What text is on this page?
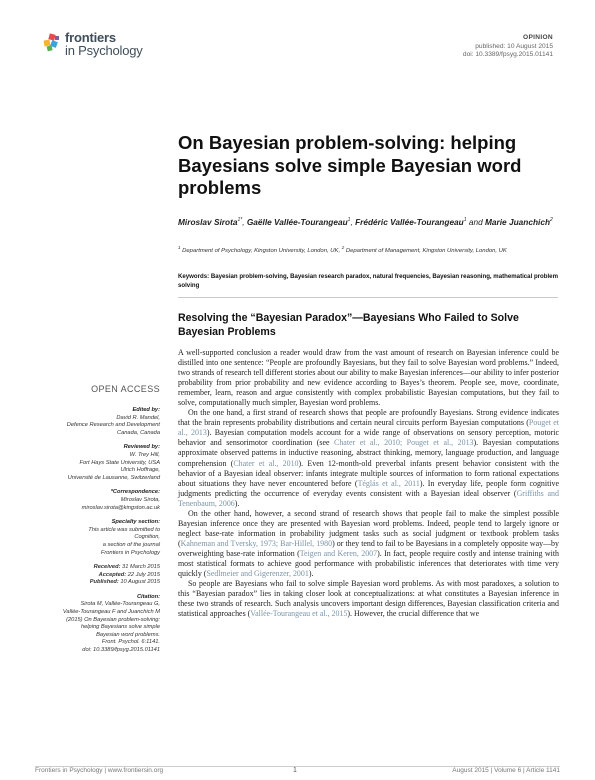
frontiers
in Psychology
OPINION
published: 10 August 2015
doi: 10.3389/fpsyg.2015.01141
On Bayesian problem-solving: helping Bayesians solve simple Bayesian word problems
Miroslav Sirota$^{1*}$, Gaëlle Vallée-Tourangeau$^1$, Frédéric Vallée-Tourangeau$^1$ and Marie Juanchich$^2$
$^1$ Department of Psychology, Kingston University, London, UK, $^2$ Department of Management, Kingston University, London, UK
Keywords: Bayesian problem-solving, Bayesian research paradox, natural frequencies, Bayesian reasoning, mathematical problem solving
Resolving the “Bayesian Paradox”—Bayesians Who Failed to Solve Bayesian Problems

A well-supported conclusion a reader would draw from the vast amount of research on Bayesian inference could be distilled into one sentence: “People are profoundly Bayesians, but they fail to solve Bayesian word problems.” Indeed, two strands of research tell different stories about our ability to make Bayesian inferences—our ability to infer posterior probability from prior probability and new evidence according to Bayes’s theorem. People see, move, coordinate, remember, learn, reason and argue consistently with complex probabilistic Bayesian computations, but they fail to solve, computationally much simpler, Bayesian word problems.

On the one hand, a first strand of research shows that people are profoundly Bayesians. Strong evidence indicates that the brain represents probability distributions and certain neural circuits perform Bayesian computations (Pouget et al., 2013). Bayesian computation models account for a wide range of observations on sensory perception, motoric behavior and sensorimotor coordination (see Chater et al., 2010; Pouget et al., 2013). Bayesian computations approximate observed patterns in inductive reasoning, abstract thinking, memory, language production, and language comprehension (Chater et al., 2010). Even 12-month-old preverbal infants present behavior consistent with the behavior of a Bayesian ideal observer: infants integrate multiple sources of information to form rational expectations about situations they have never encountered before (Téglás et al., 2011). In everyday life, people form cognitive judgments predicting the occurrence of everyday events consistent with a Bayesian ideal observer (Griffiths and Tenenbaum, 2006).

On the other hand, however, a second strand of research shows that people fail to make the simplest possible Bayesian inference once they are presented with Bayesian word problems. Indeed, people tend to largely ignore or neglect base-rate information in probability judgment tasks such as social judgment or textbook problem tasks (Kahneman and Tversky, 1973; Bar-Hillel, 1980) or they tend to fail to be Bayesians in a completely opposite way—by overweighting base-rate information (Teigen and Keren, 2007). In fact, people require costly and intense training with most statistical formats to achieve good performance with probabilistic inferences that deteriorates with time very quickly (Sedlmeier and Gigerenzer, 2001).

So people are Bayesians who fail to solve simple Bayesian word problems. As with most paradoxes, a solution to this “Bayesian paradox” lies in taking closer look at conceptualizations: at what constitutes a Bayesian inference in these two strands of research. Such analysis uncovers important design differences, Bayesian classification criteria and statistical approaches (Vallée-Tourangeau et al., 2015). However, the crucial difference that we

OPEN ACCESS
Edited by:
David R. Mandel,
Defence Research and Development
Canada, Canada
Reviewed by:
W. Trey Hill,
Fort Hays State University, USA
Ulrich Hoffrage,
Université de Lausanne, Switzerland
*Correspondence:
Miroslav Sirota,
miroslav.sirota@kingston.ac.uk
Specialty section:
This article was submitted to
Cognition,
a section of the journal
Frontiers in Psychology
Received: 31 March 2015
Accepted: 22 July 2015
Published: 10 August 2015
Citation:
Sirota M, Vallée-Tourangeau G,
Vallée-Tourangeau F and Juanchich M
(2015) On Bayesian problem-solving:
helping Bayesians solve simple
Bayesian word problems.
Front. Psychol. 6:1141.
doi: 10.3389/fpsyg.2015.01141
Frontiers in Psychology | www.frontiersin.org	1	August 2015 | Volume 6 | Article 1141
